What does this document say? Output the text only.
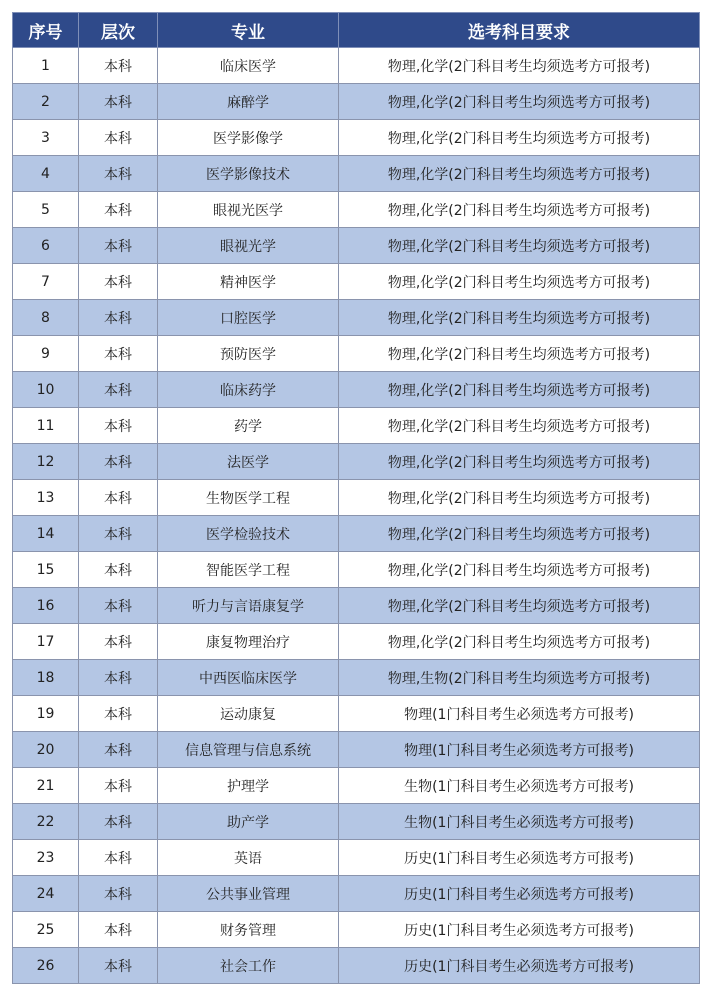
序号	层次	专业	选考科目要求
1	本科	临床医学	物理,化学(2门科目考生均须选考方可报考)
2	本科	麻醉学	物理,化学(2门科目考生均须选考方可报考)
3	本科	医学影像学	物理,化学(2门科目考生均须选考方可报考)
4	本科	医学影像技术	物理,化学(2门科目考生均须选考方可报考)
5	本科	眼视光医学	物理,化学(2门科目考生均须选考方可报考)
6	本科	眼视光学	物理,化学(2门科目考生均须选考方可报考)
7	本科	精神医学	物理,化学(2门科目考生均须选考方可报考)
8	本科	口腔医学	物理,化学(2门科目考生均须选考方可报考)
9	本科	预防医学	物理,化学(2门科目考生均须选考方可报考)
10	本科	临床药学	物理,化学(2门科目考生均须选考方可报考)
11	本科	药学	物理,化学(2门科目考生均须选考方可报考)
12	本科	法医学	物理,化学(2门科目考生均须选考方可报考)
13	本科	生物医学工程	物理,化学(2门科目考生均须选考方可报考)
14	本科	医学检验技术	物理,化学(2门科目考生均须选考方可报考)
15	本科	智能医学工程	物理,化学(2门科目考生均须选考方可报考)
16	本科	听力与言语康复学	物理,化学(2门科目考生均须选考方可报考)
17	本科	康复物理治疗	物理,化学(2门科目考生均须选考方可报考)
18	本科	中西医临床医学	物理,生物(2门科目考生均须选考方可报考)
19	本科	运动康复	物理(1门科目考生必须选考方可报考)
20	本科	信息管理与信息系统	物理(1门科目考生必须选考方可报考)
21	本科	护理学	生物(1门科目考生必须选考方可报考)
22	本科	助产学	生物(1门科目考生必须选考方可报考)
23	本科	英语	历史(1门科目考生必须选考方可报考)
24	本科	公共事业管理	历史(1门科目考生必须选考方可报考)
25	本科	财务管理	历史(1门科目考生必须选考方可报考)
26	本科	社会工作	历史(1门科目考生必须选考方可报考)
